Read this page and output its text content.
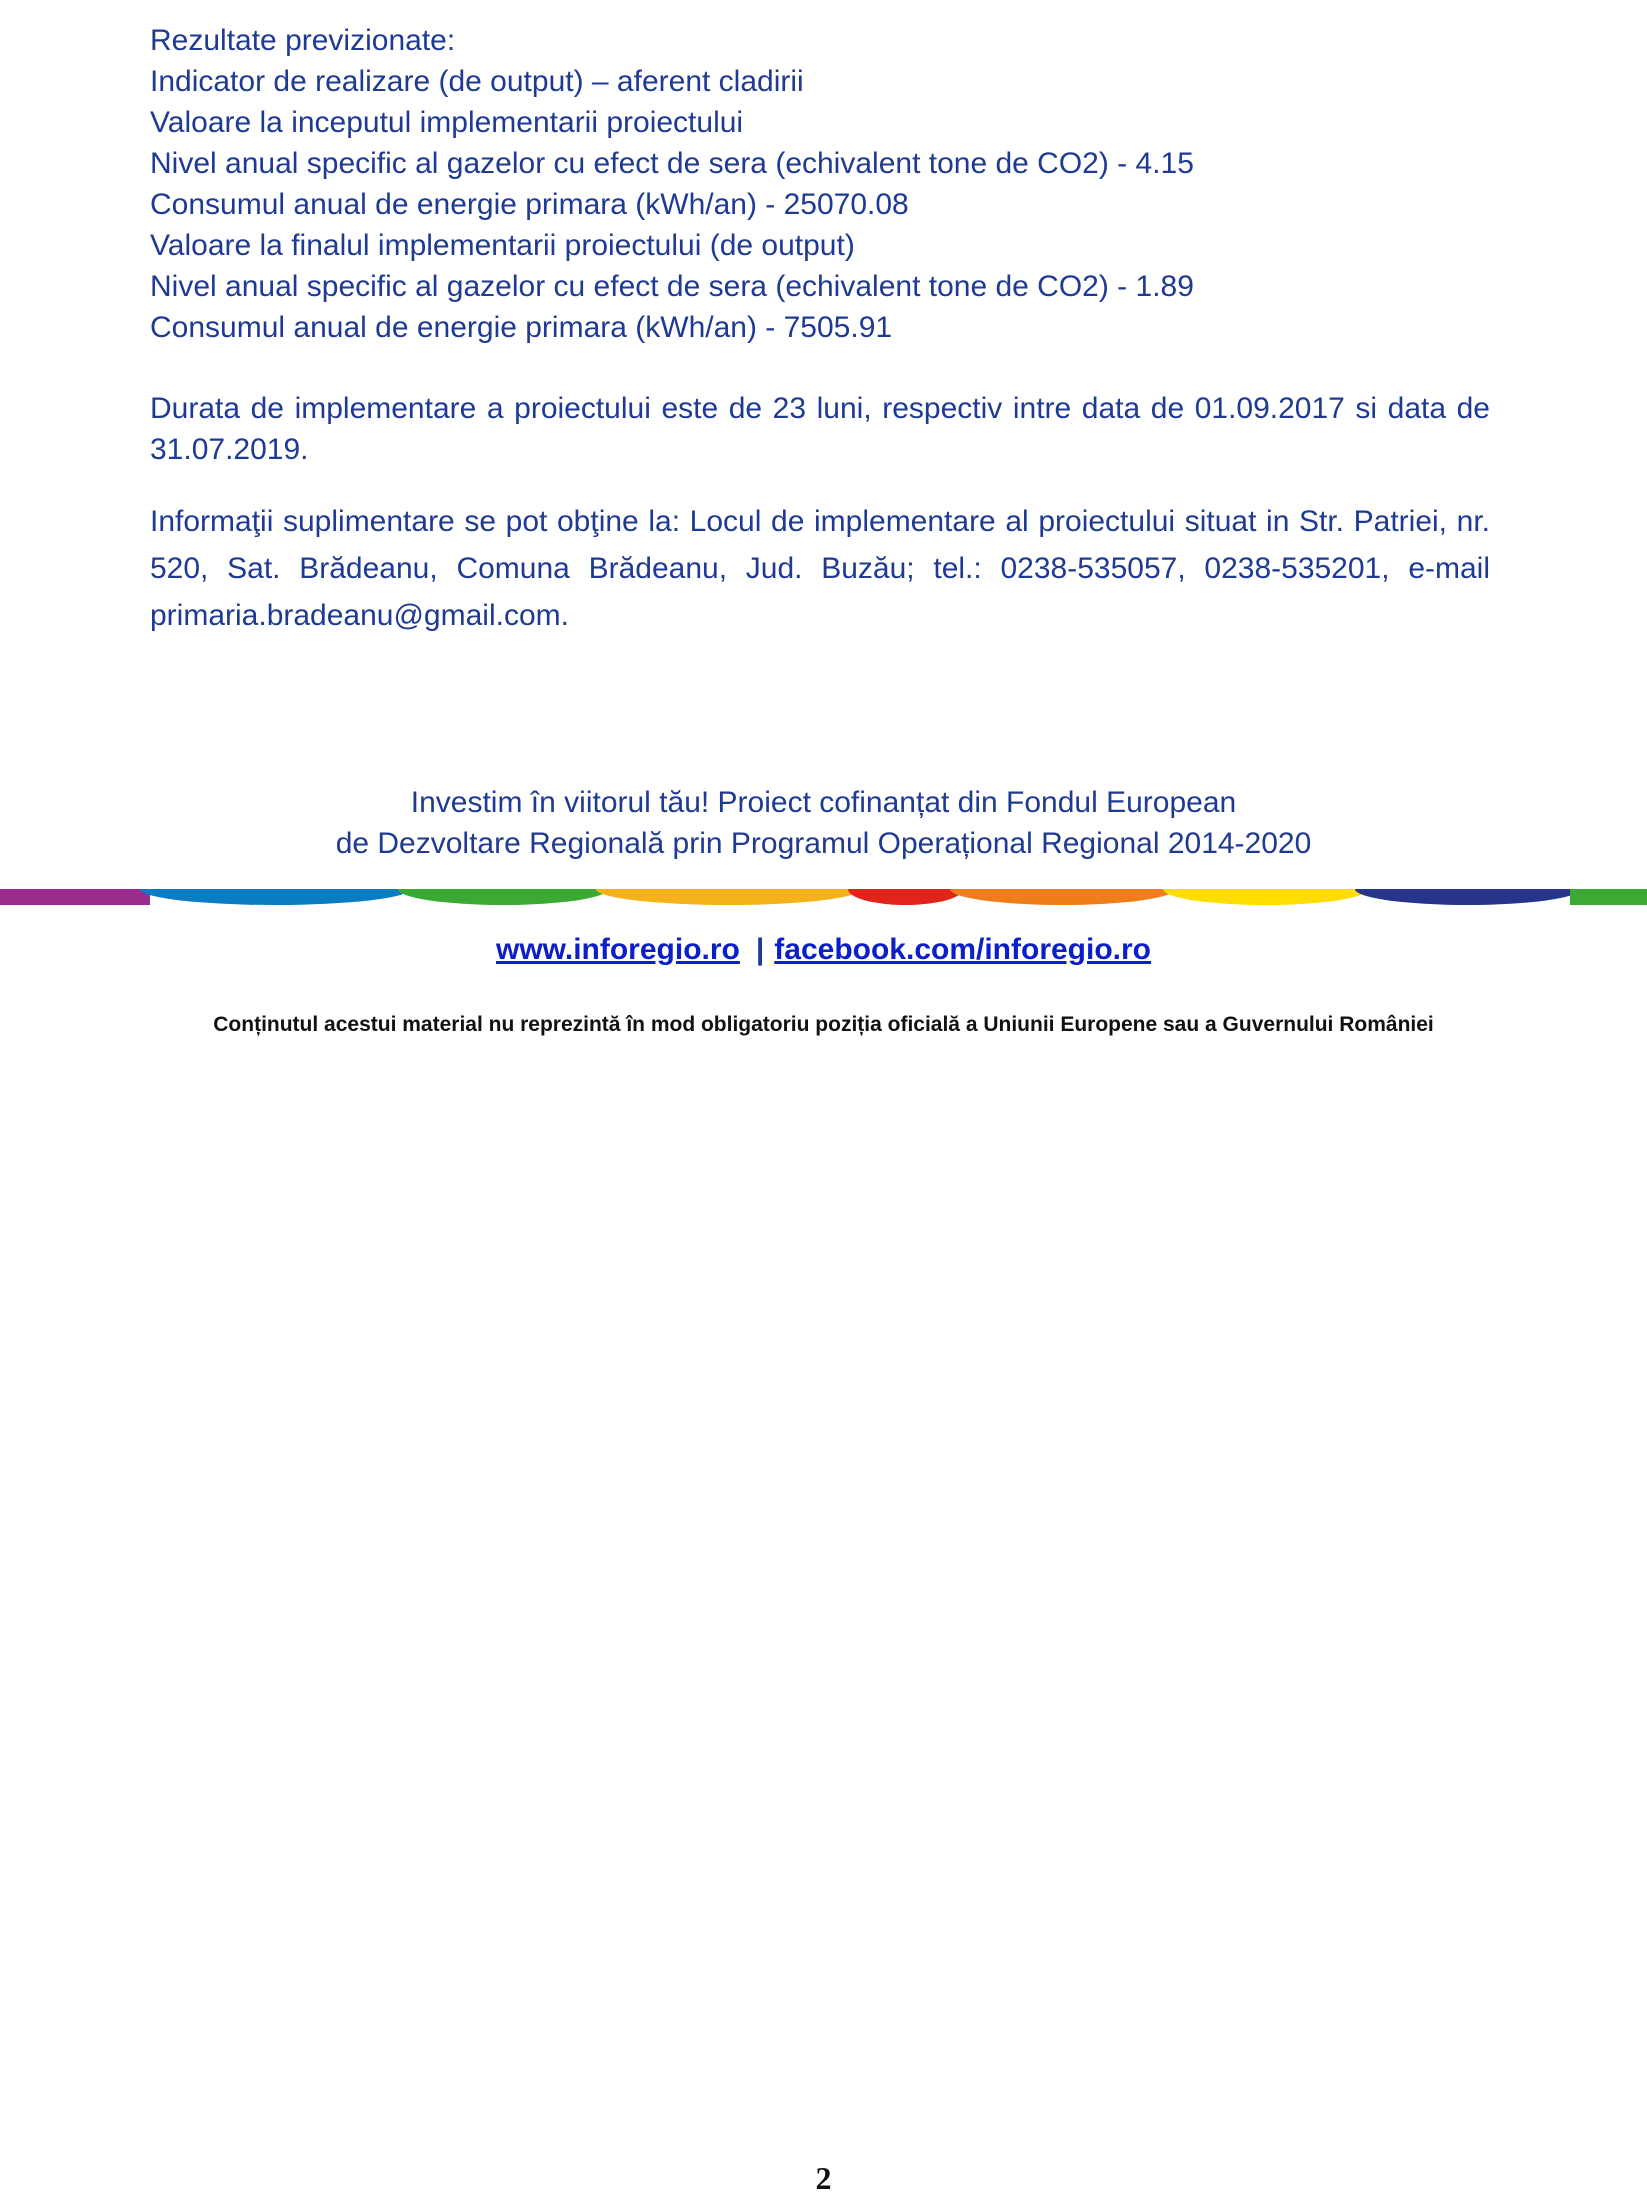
Rezultate previzionate:
Indicator de realizare (de output) – aferent cladirii
Valoare la inceputul implementarii proiectului
Nivel anual specific al gazelor cu efect de sera (echivalent tone de CO2) - 4.15
Consumul anual de energie primara (kWh/an) - 25070.08
Valoare la finalul implementarii proiectului (de output)
Nivel anual specific al gazelor cu efect de sera (echivalent tone de CO2) - 1.89
Consumul anual de energie primara (kWh/an) - 7505.91
Durata de implementare a proiectului este de 23 luni, respectiv intre data de 01.09.2017 si data de 31.07.2019.
Informaţii suplimentare se pot obţine la: Locul de implementare al proiectului situat in Str. Patriei, nr. 520, Sat. Brădeanu, Comuna Brădeanu, Jud. Buzău; tel.: 0238-535057, 0238-535201, e-mail primaria.bradeanu@gmail.com.
Investim în viitorul tău! Proiect cofinanțat din Fondul European
de Dezvoltare Regională prin Programul Operațional Regional 2014-2020
www.inforegio.ro | facebook.com/inforegio.ro
Conținutul acestui material nu reprezintă în mod obligatoriu poziția oficială a Uniunii Europene sau a Guvernului României
2
